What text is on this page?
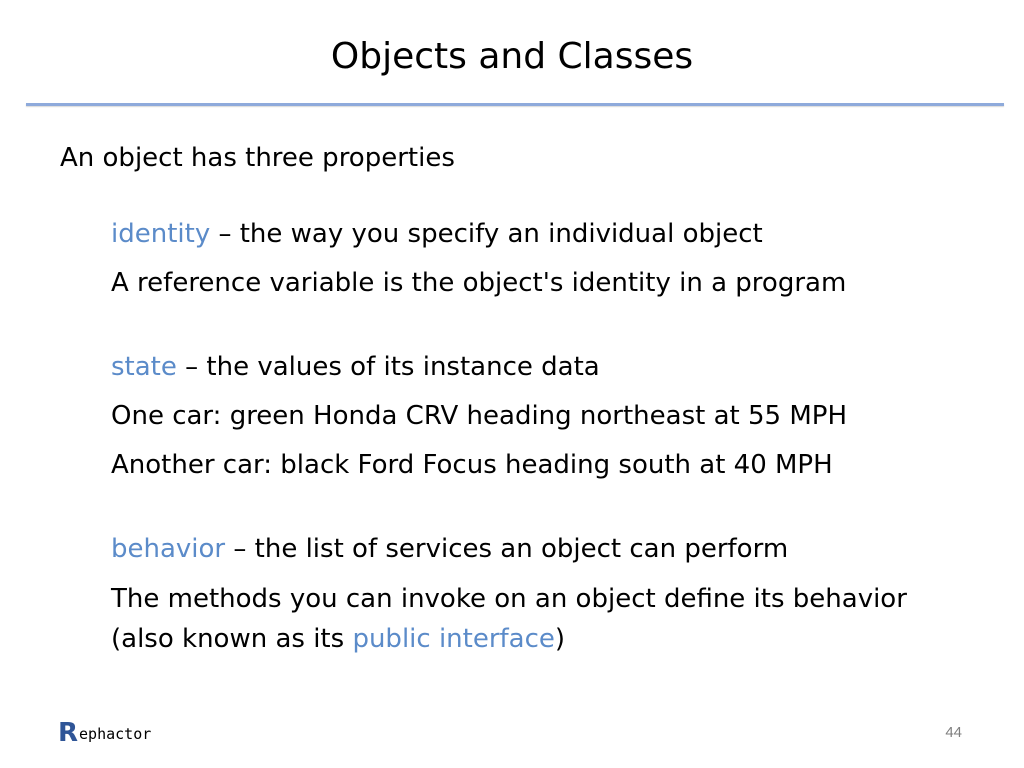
Objects and Classes
An object has three properties
identity – the way you specify an individual object
A reference variable is the object's identity in a program
state – the values of its instance data
One car: green Honda CRV heading northeast at 55 MPH
Another car: black Ford Focus heading south at 40 MPH
behavior – the list of services an object can perform
The methods you can invoke on an object define its behavior
(also known as its public interface)
R ephactor	44
